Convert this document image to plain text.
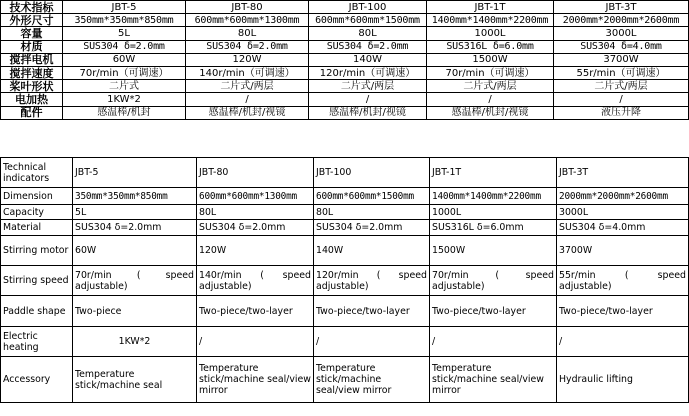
技术指标	JBT-5	JBT-80	JBT-100	JBT-1T	JBT-3T
外形尺寸	350mm*350mm*850mm	600mm*600mm*1300mm	600mm*600mm*1500mm	1400mm*1400mm*2200mm	2000mm*2000mm*2600mm
容量	5L	80L	80L	1000L	3000L
材质	SUS304 δ=2.0mm	SUS304 δ=2.0mm	SUS304 δ=2.0mm	SUS316L δ=6.0mm	SUS304 δ=4.0mm
搅拌电机	60W	120W	140W	1500W	3700W
搅拌速度	70r/min（可调速）	140r/min（可调速）	120r/min（可调速）	70r/min（可调速）	55r/min（可调速）
桨叶形状	二片式	二片式/两层	二片式/两层	二片式/两层	二片式/两层
电加热	1KW*2	/	/	/	/
配件	感温棒/机封	感温棒/机封/视镜	感温棒/机封/视镜	感温棒/机封/视镜	液压升降
Technical indicators	JBT-5	JBT-80	JBT-100	JBT-1T	JBT-3T
Dimension	350mm*350mm*850mm	600mm*600mm*1300mm	600mm*600mm*1500mm	1400mm*1400mm*2200mm	2000mm*2000mm*2600mm
Capacity	5L	80L	80L	1000L	3000L
Material	SUS304 δ=2.0mm	SUS304 δ=2.0mm	SUS304 δ=2.0mm	SUS316L δ=6.0mm	SUS304 δ=4.0mm
Stirring motor	60W	120W	140W	1500W	3700W
Stirring speed	70r/min ( speed adjustable)	140r/min ( speed adjustable)	120r/min ( speed adjustable)	70r/min ( speed adjustable)	55r/min ( speed adjustable)
Paddle shape	Two-piece	Two-piece/two-layer	Two-piece/two-layer	Two-piece/two-layer	Two-piece/two-layer
Electric heating	1KW*2	/	/	/	/
Accessory	Temperature stick/machine seal	Temperature stick/machine seal/view mirror	Temperature stick/machine seal/view mirror	Temperature stick/machine seal/view mirror	Hydraulic lifting
